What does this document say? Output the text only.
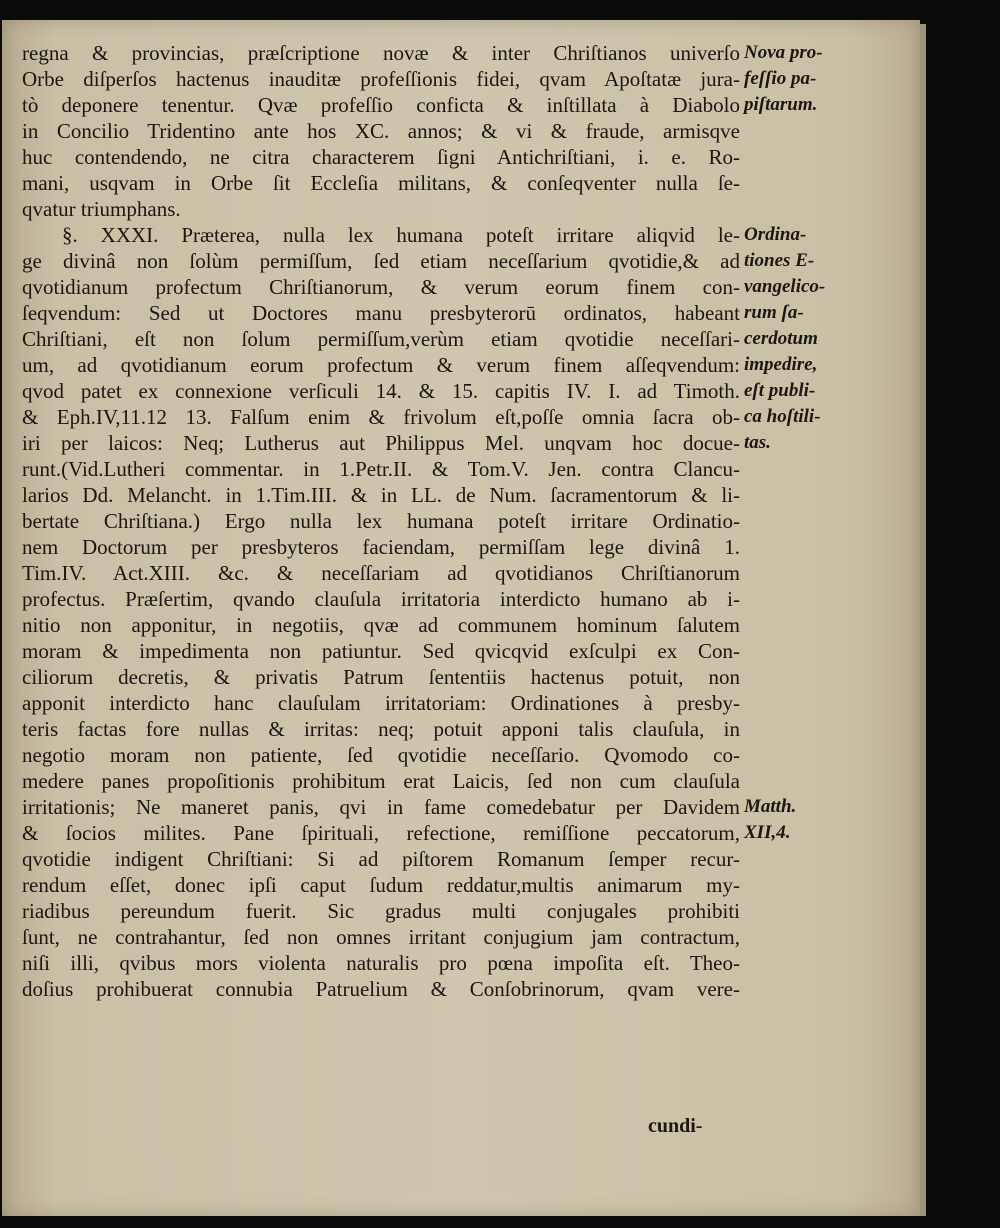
regna & provincias, præſcriptione novæ & inter Chriſtianos univerſo
Orbe diſperſos hactenus inauditæ profeſſionis fidei, qvam Apoſtatæ jura-
tò deponere tenentur. Qvæ profeſſio conficta & inſtillata à Diabolo
in Concilio Tridentino ante hos XC. annos; & vi & fraude, armisqve
huc contendendo, ne citra characterem ſigni Antichriſtiani, i. e. Ro-
mani, usqvam in Orbe ſit Eccleſia militans, & conſeqventer nulla ſe-
qvatur triumphans.
§. XXXI. Præterea, nulla lex humana poteſt irritare aliqvid le-
ge divinâ non ſolùm permiſſum, ſed etiam neceſſarium qvotidie,& ad
qvotidianum profectum Chriſtianorum, & verum eorum finem con-
ſeqvendum: Sed ut Doctores manu presbyterorū ordinatos, habeant
Chriſtiani, eſt non ſolum permiſſum,verùm etiam qvotidie neceſſari-
um, ad qvotidianum eorum profectum & verum finem aſſeqvendum:
qvod patet ex connexione verſiculi 14. & 15. capitis IV. I. ad Timoth.
& Eph.IV,11.12 13. Falſum enim & frivolum eſt,poſſe omnia ſacra ob-
iri per laicos: Neq; Lutherus aut Philippus Mel. unqvam hoc docue-
runt.(Vid.Lutheri commentar. in 1.Petr.II. & Tom.V. Jen. contra Clancu-
larios Dd. Melancht. in 1.Tim.III. & in LL. de Num. ſacramentorum & li-
bertate Chriſtiana.) Ergo nulla lex humana poteſt irritare Ordinatio-
nem Doctorum per presbyteros faciendam, permiſſam lege divinâ 1.
Tim.IV. Act.XIII. &c. & neceſſariam ad qvotidianos Chriſtianorum
profectus. Præſertim, qvando clauſula irritatoria interdicto humano ab i-
nitio non apponitur, in negotiis, qvæ ad communem hominum ſalutem
moram & impedimenta non patiuntur. Sed qvicqvid exſculpi ex Con-
ciliorum decretis, & privatis Patrum ſententiis hactenus potuit, non
apponit interdicto hanc clauſulam irritatoriam: Ordinationes à presby-
teris factas fore nullas & irritas: neq; potuit apponi talis clauſula, in
negotio moram non patiente, ſed qvotidie neceſſario. Qvomodo co-
medere panes propoſitionis prohibitum erat Laicis, ſed non cum clauſula
irritationis; Ne maneret panis, qvi in fame comedebatur per Davidem
& ſocios milites. Pane ſpirituali, refectione, remiſſione peccatorum,
qvotidie indigent Chriſtiani: Si ad piſtorem Romanum ſemper recur-
rendum eſſet, donec ipſi caput ſudum reddatur,multis animarum my-
riadibus pereundum fuerit. Sic gradus multi conjugales prohibiti
ſunt, ne contrahantur, ſed non omnes irritant conjugium jam contractum,
niſi illi, qvibus mors violenta naturalis pro pœna impoſita eſt. Theo-
doſius prohibuerat connubia Patruelium & Conſobrinorum, qvam vere-
Nova pro-
feſſio pa-
piſtarum.
Ordina-
tiones E-
vangelico-
rum ſa-
cerdotum
impedire,
eſt publi-
ca hoſtili-
tas.
Matth.
XII,4.
cundi-
